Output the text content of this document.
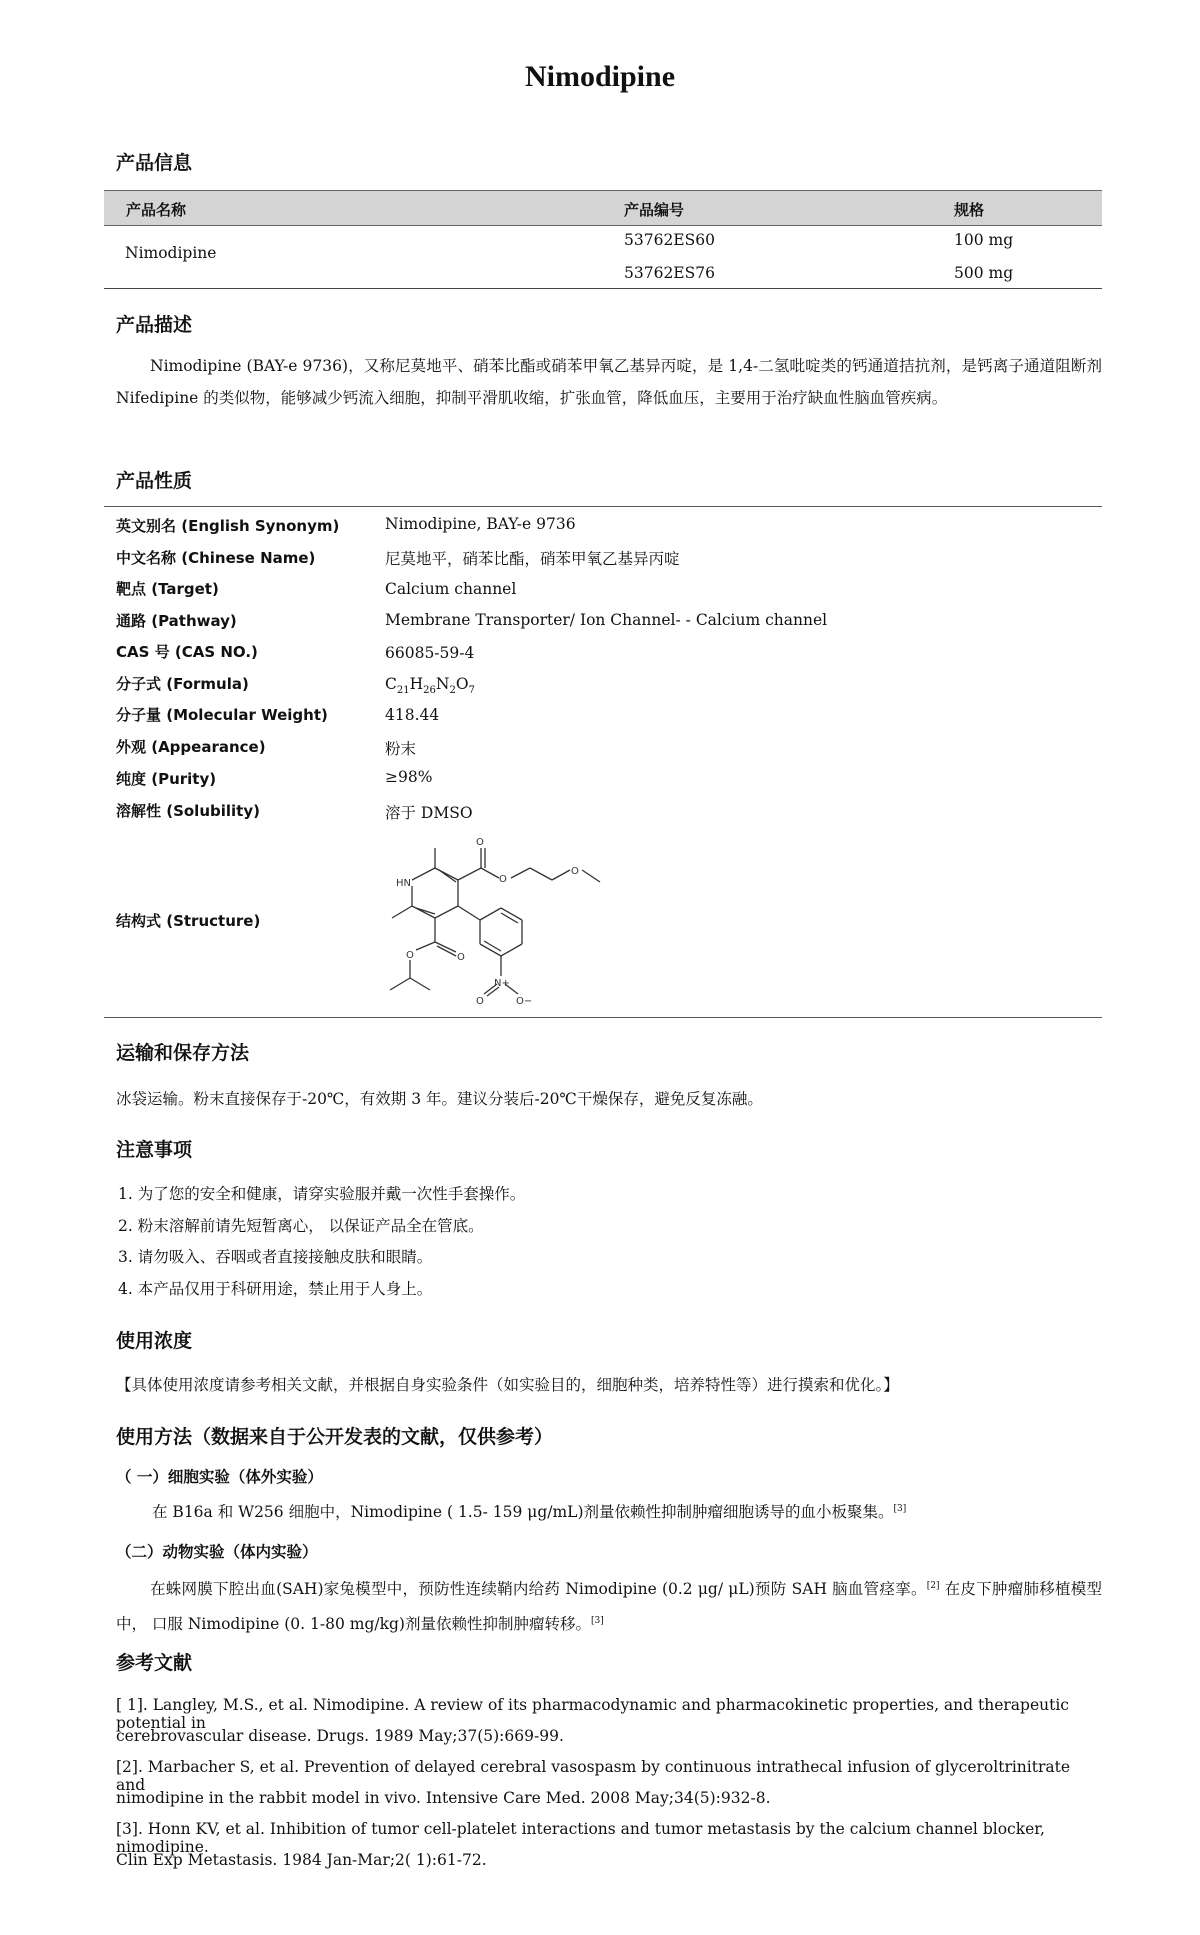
Nimodipine
产品信息
产品名称	产品编号	规格
Nimodipine
53762ES60	100 mg
53762ES76	500 mg
产品描述
Nimodipine (BAY-e 9736)，又称尼莫地平、硝苯比酯或硝苯甲氧乙基异丙啶，是 1,4-二氢吡啶类的钙通道拮抗剂，是钙离子通道阻断剂 Nifedipine 的类似物，能够减少钙流入细胞，抑制平滑肌收缩，扩张血管，降低血压，主要用于治疗缺血性脑血管疾病。
产品性质
英文别名 (English Synonym)	Nimodipine, BAY-e 9736
中文名称 (Chinese Name)	尼莫地平，硝苯比酯，硝苯甲氧乙基异丙啶
靶点 (Target)	Calcium channel
通路 (Pathway)	Membrane Transporter/ Ion Channel- - Calcium channel
CAS 号 (CAS NO.)	66085-59-4
分子式 (Formula)	$C_{21}H_{26}N_2O_7$
分子量 (Molecular Weight)	418.44
外观 (Appearance)	粉末
纯度 (Purity)	≥98%
溶解性 (Solubility)	溶于 DMSO
结构式 (Structure)
HN	O
O
O
O
O
N+
O	O−
运输和保存方法
冰袋运输。粉末直接保存于-20℃，有效期 3 年。建议分装后-20℃干燥保存，避免反复冻融。
注意事项
1. 为了您的安全和健康，请穿实验服并戴一次性手套操作。
2. 粉末溶解前请先短暂离心， 以保证产品全在管底。
3. 请勿吸入、吞咽或者直接接触皮肤和眼睛。
4. 本产品仅用于科研用途，禁止用于人身上。
使用浓度
【具体使用浓度请参考相关文献，并根据自身实验条件（如实验目的，细胞种类，培养特性等）进行摸索和优化。】
使用方法（数据来自于公开发表的文献，仅供参考）
（ 一）细胞实验（体外实验）
在 B16a 和 W256 细胞中，Nimodipine ( 1.5- 159 μg/mL)剂量依赖性抑制肿瘤细胞诱导的血小板聚集。[3]
（二）动物实验（体内实验）
在蛛网膜下腔出血(SAH)家兔模型中，预防性连续鞘内给药 Nimodipine (0.2 μg/ μL)预防 SAH 脑血管痉挛。[2] 在皮下肿瘤肺移植模型中， 口服 Nimodipine (0. 1-80 mg/kg)剂量依赖性抑制肿瘤转移。[3]
参考文献
[ 1]. Langley, M.S., et al. Nimodipine. A review of its pharmacodynamic and pharmacokinetic properties, and therapeutic potential in
cerebrovascular disease. Drugs. 1989 May;37(5):669-99.
[2]. Marbacher S, et al. Prevention of delayed cerebral vasospasm by continuous intrathecal infusion of glyceroltrinitrate and
nimodipine in the rabbit model in vivo. Intensive Care Med. 2008 May;34(5):932-8.
[3]. Honn KV, et al. Inhibition of tumor cell-platelet interactions and tumor metastasis by the calcium channel blocker, nimodipine.
Clin Exp Metastasis. 1984 Jan-Mar;2( 1):61-72.
